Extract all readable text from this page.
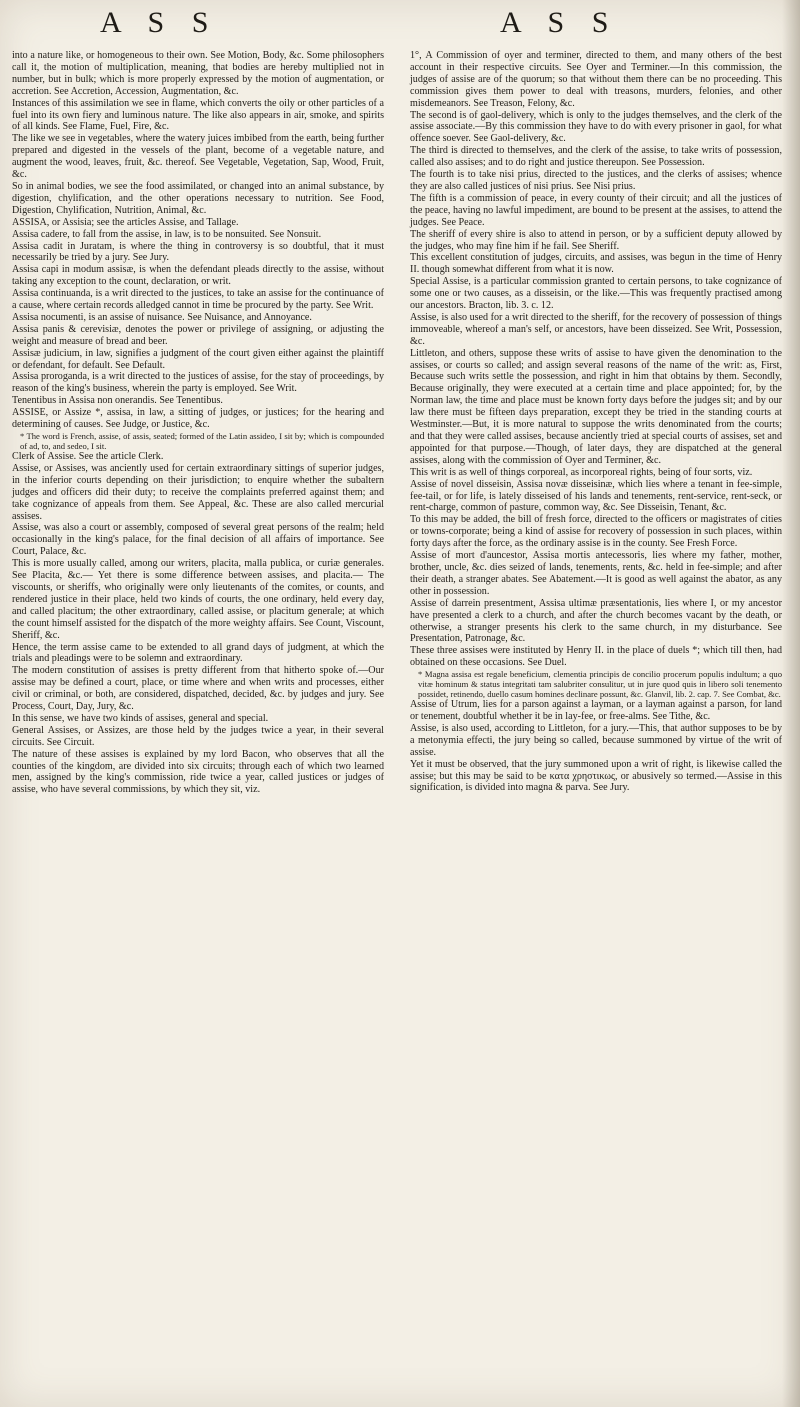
A S S	A S S

into a nature like, or homogeneous to their own. See Motion, Body, &c. Some philosophers call it, the motion of multiplication, meaning, that bodies are hereby multiplied not in number, but in bulk; which is more properly expressed by the motion of augmentation, or accretion. See Accretion, Accession, Augmentation, &c.

Instances of this assimilation we see in flame, which converts the oily or other particles of a fuel into its own fiery and luminous nature. The like also appears in air, smoke, and spirits of all kinds. See Flame, Fuel, Fire, &c.

The like we see in vegetables, where the watery juices imbibed from the earth, being further prepared and digested in the vessels of the plant, become of a vegetable nature, and augment the wood, leaves, fruit, &c. thereof. See Vegetable, Vegetation, Sap, Wood, Fruit, &c.

So in animal bodies, we see the food assimilated, or changed into an animal substance, by digestion, chylification, and the other operations necessary to nutrition. See Food, Digestion, Chylification, Nutrition, Animal, &c.

ASSISA, or Assisia; see the articles Assise, and Tallage.

Assisa cadere, to fall from the assise, in law, is to be nonsuited. See Nonsuit.

Assisa cadit in Juratam, is where the thing in controversy is so doubtful, that it must necessarily be tried by a jury. See Jury.

Assisa capi in modum assisæ, is when the defendant pleads directly to the assise, without taking any exception to the count, declaration, or writ.

Assisa continuanda, is a writ directed to the justices, to take an assise for the continuance of a cause, where certain records alledged cannot in time be procured by the party. See Writ.

Assisa nocumenti, is an assise of nuisance. See Nuisance, and Annoyance.

Assisa panis & cerevisiæ, denotes the power or privilege of assigning, or adjusting the weight and measure of bread and beer.

Assisæ judicium, in law, signifies a judgment of the court given either against the plaintiff or defendant, for default. See Default.

Assisa proroganda, is a writ directed to the justices of assise, for the stay of proceedings, by reason of the king's business, wherein the party is employed. See Writ.

Tenentibus in Assisa non onerandis. See Tenentibus.

ASSISE, or Assize *, assisa, in law, a sitting of judges, or justices; for the hearing and determining of causes. See Judge, or Justice, &c.

* The word is French, assise, of assis, seated; formed of the Latin assideo, I sit by; which is compounded of ad, to, and sedeo, I sit.

Clerk of Assise. See the article Clerk.

Assise, or Assises, was anciently used for certain extraordinary sittings of superior judges, in the inferior courts depending on their jurisdiction; to enquire whether the subaltern judges and officers did their duty; to receive the complaints preferred against them; and take cognizance of appeals from them. See Appeal, &c. These are also called mercurial assises.

Assise, was also a court or assembly, composed of several great persons of the realm; held occasionally in the king's palace, for the final decision of all affairs of importance. See Court, Palace, &c.

This is more usually called, among our writers, placita, malla publica, or curiæ generales. See Placita, &c.— Yet there is some difference between assises, and placita.— The viscounts, or sheriffs, who originally were only lieutenants of the comites, or counts, and rendered justice in their place, held two kinds of courts, the one ordinary, held every day, and called placitum; the other extraordinary, called assise, or placitum generale; at which the count himself assisted for the dispatch of the more weighty affairs. See Count, Viscount, Sheriff, &c.

Hence, the term assise came to be extended to all grand days of judgment, at which the trials and pleadings were to be solemn and extraordinary.

The modern constitution of assises is pretty different from that hitherto spoke of.—Our assise may be defined a court, place, or time where and when writs and processes, either civil or criminal, or both, are considered, dispatched, decided, &c. by judges and jury. See Process, Court, Day, Jury, &c.

In this sense, we have two kinds of assises, general and special.

General Assises, or Assizes, are those held by the judges twice a year, in their several circuits. See Circuit.

The nature of these assises is explained by my lord Bacon, who observes that all the counties of the kingdom, are divided into six circuits; through each of which two learned men, assigned by the king's commission, ride twice a year, called justices or judges of assise, who have several commissions, by which they sit, viz.

1°, A Commission of oyer and terminer, directed to them, and many others of the best account in their respective circuits. See Oyer and Terminer.—In this commission, the judges of assise are of the quorum; so that without them there can be no proceeding. This commission gives them power to deal with treasons, murders, felonies, and other misdemeanors. See Treason, Felony, &c.

The second is of gaol-delivery, which is only to the judges themselves, and the clerk of the assise associate.—By this commission they have to do with every prisoner in gaol, for what offence soever. See Gaol-delivery, &c.

The third is directed to themselves, and the clerk of the assise, to take writs of possession, called also assises; and to do right and justice thereupon. See Possession.

The fourth is to take nisi prius, directed to the justices, and the clerks of assises; whence they are also called justices of nisi prius. See Nisi prius.

The fifth is a commission of peace, in every county of their circuit; and all the justices of the peace, having no lawful impediment, are bound to be present at the assises, to attend the judges. See Peace.

The sheriff of every shire is also to attend in person, or by a sufficient deputy allowed by the judges, who may fine him if he fail. See Sheriff.

This excellent constitution of judges, circuits, and assises, was begun in the time of Henry II. though somewhat different from what it is now.

Special Assise, is a particular commission granted to certain persons, to take cognizance of some one or two causes, as a disseisin, or the like.—This was frequently practised among our ancestors. Bracton, lib. 3. c. 12.

Assise, is also used for a writ directed to the sheriff, for the recovery of possession of things immoveable, whereof a man's self, or ancestors, have been disseized. See Writ, Possession, &c.

Littleton, and others, suppose these writs of assise to have given the denomination to the assises, or courts so called; and assign several reasons of the name of the writ: as, First, Because such writs settle the possession, and right in him that obtains by them. Secondly, Because originally, they were executed at a certain time and place appointed; for, by the Norman law, the time and place must be known forty days before the judges sit; and by our law there must be fifteen days preparation, except they be tried in the standing courts at Westminster.—But, it is more natural to suppose the writs denominated from the courts; and that they were called assises, because anciently tried at special courts of assises, set and appointed for that purpose.—Though, of later days, they are dispatched at the general assises, along with the commission of Oyer and Terminer, &c.

This writ is as well of things corporeal, as incorporeal rights, being of four sorts, viz.

Assise of novel disseisin, Assisa novæ disseisinæ, which lies where a tenant in fee-simple, fee-tail, or for life, is lately disseised of his lands and tenements, rent-service, rent-seck, or rent-charge, common of pasture, common way, &c. See Disseisin, Tenant, &c.

To this may be added, the bill of fresh force, directed to the officers or magistrates of cities or towns-corporate; being a kind of assise for recovery of possession in such places, within forty days after the force, as the ordinary assise is in the county. See Fresh Force.

Assise of mort d'auncestor, Assisa mortis antecessoris, lies where my father, mother, brother, uncle, &c. dies seized of lands, tenements, rents, &c. held in fee-simple; and after their death, a stranger abates. See Abatement.—It is good as well against the abator, as any other in possession.

Assise of darrein presentment, Assisa ultimæ præsentationis, lies where I, or my ancestor have presented a clerk to a church, and after the church becomes vacant by the death, or otherwise, a stranger presents his clerk to the same church, in my disturbance. See Presentation, Patronage, &c.

These three assises were instituted by Henry II. in the place of duels *; which till then, had obtained on these occasions. See Duel.

* Magna assisa est regale beneficium, clementia principis de concilio procerum populis indultum; a quo vitæ hominum & status integritati tam salubriter consulitur, ut in jure quod quis in libero soli tenemento possidet, retinendo, duello casum homines declinare possunt, &c. Glanvil, lib. 2. cap. 7. See Combat, &c.

Assise of Utrum, lies for a parson against a layman, or a layman against a parson, for land or tenement, doubtful whether it be in lay-fee, or free-alms. See Tithe, &c.

Assise, is also used, according to Littleton, for a jury.—This, that author supposes to be by a metonymia effecti, the jury being so called, because summoned by virtue of the writ of assise.

Yet it must be observed, that the jury summoned upon a writ of right, is likewise called the assise; but this may be said to be κατα χρηστικως, or abusively so termed.—Assise in this signification, is divided into magna & parva. See Jury.
